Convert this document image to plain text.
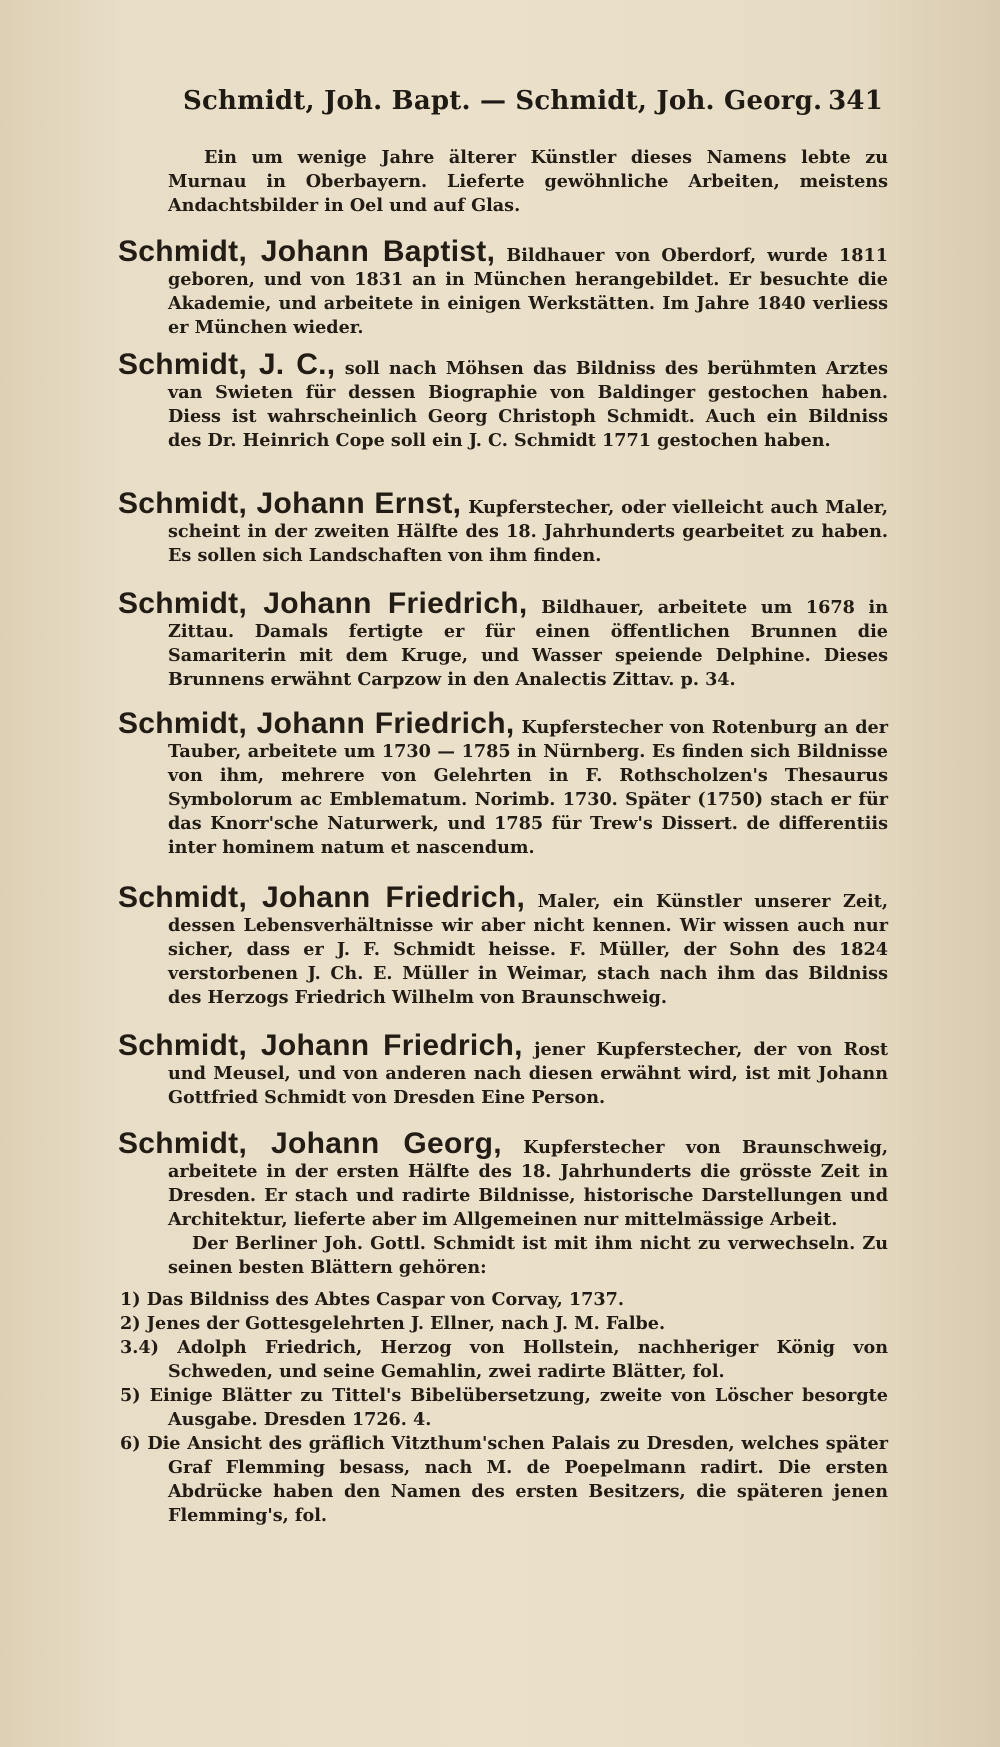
Schmidt, Joh. Bapt. — Schmidt, Joh. Georg. 341

Ein um wenige Jahre älterer Künstler dieses Namens lebte zu Murnau in Oberbayern. Lieferte gewöhnliche Arbeiten, meistens Andachtsbilder in Oel und auf Glas.

Schmidt, Johann Baptist, Bildhauer von Oberdorf, wurde 1811 geboren, und von 1831 an in München herangebildet. Er besuchte die Akademie, und arbeitete in einigen Werkstätten. Im Jahre 1840 verliess er München wieder.

Schmidt, J. C., soll nach Möhsen das Bildniss des berühmten Arztes van Swieten für dessen Biographie von Baldinger gestochen haben. Diess ist wahrscheinlich Georg Christoph Schmidt. Auch ein Bildniss des Dr. Heinrich Cope soll ein J. C. Schmidt 1771 gestochen haben.

Schmidt, Johann Ernst, Kupferstecher, oder vielleicht auch Maler, scheint in der zweiten Hälfte des 18. Jahrhunderts gearbeitet zu haben. Es sollen sich Landschaften von ihm finden.

Schmidt, Johann Friedrich, Bildhauer, arbeitete um 1678 in Zittau. Damals fertigte er für einen öffentlichen Brunnen die Samariterin mit dem Kruge, und Wasser speiende Delphine. Dieses Brunnens erwähnt Carpzow in den Analectis Zittav. p. 34.

Schmidt, Johann Friedrich, Kupferstecher von Rotenburg an der Tauber, arbeitete um 1730 — 1785 in Nürnberg. Es finden sich Bildnisse von ihm, mehrere von Gelehrten in F. Rothscholzen's Thesaurus Symbolorum ac Emblematum. Norimb. 1730. Später (1750) stach er für das Knorr'sche Naturwerk, und 1785 für Trew's Dissert. de differentiis inter hominem natum et nascendum.

Schmidt, Johann Friedrich, Maler, ein Künstler unserer Zeit, dessen Lebensverhältnisse wir aber nicht kennen. Wir wissen auch nur sicher, dass er J. F. Schmidt heisse. F. Müller, der Sohn des 1824 verstorbenen J. Ch. E. Müller in Weimar, stach nach ihm das Bildniss des Herzogs Friedrich Wilhelm von Braunschweig.

Schmidt, Johann Friedrich, jener Kupferstecher, der von Rost und Meusel, und von anderen nach diesen erwähnt wird, ist mit Johann Gottfried Schmidt von Dresden Eine Person.

Schmidt, Johann Georg, Kupferstecher von Braunschweig, arbeitete in der ersten Hälfte des 18. Jahrhunderts die grösste Zeit in Dresden. Er stach und radirte Bildnisse, historische Darstellungen und Architektur, lieferte aber im Allgemeinen nur mittelmässige Arbeit.

Der Berliner Joh. Gottl. Schmidt ist mit ihm nicht zu verwechseln. Zu seinen besten Blättern gehören:

1) Das Bildniss des Abtes Caspar von Corvay, 1737.

2) Jenes der Gottesgelehrten J. Ellner, nach J. M. Falbe.

3.4) Adolph Friedrich, Herzog von Hollstein, nachheriger König von Schweden, und seine Gemahlin, zwei radirte Blätter, fol.

5) Einige Blätter zu Tittel's Bibelübersetzung, zweite von Löscher besorgte Ausgabe. Dresden 1726. 4.

6) Die Ansicht des gräflich Vitzthum'schen Palais zu Dresden, welches später Graf Flemming besass, nach M. de Poepelmann radirt. Die ersten Abdrücke haben den Namen des ersten Besitzers, die späteren jenen Flemming's, fol.
